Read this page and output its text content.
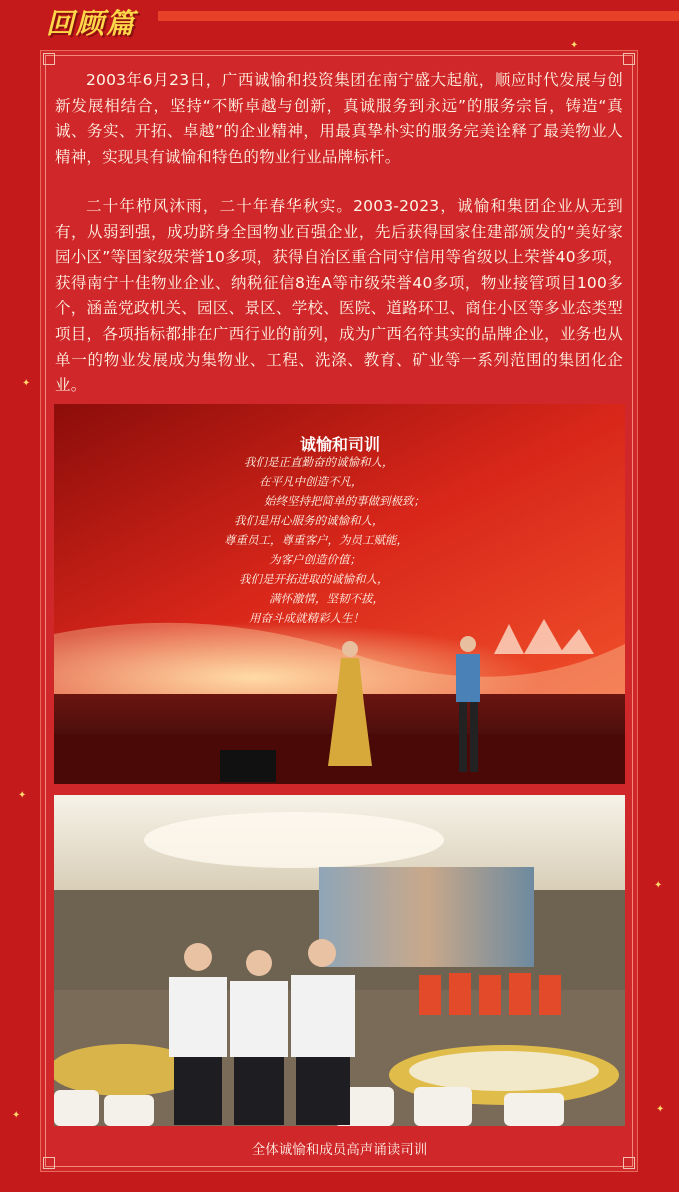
回顾篇

2003年6月23日，广西诚愉和投资集团在南宁盛大起航，顺应时代发展与创新发展相结合，坚持“不断卓越与创新，真诚服务到永远”的服务宗旨，铸造“真诚、务实、开拓、卓越”的企业精神，用最真挚朴实的服务完美诠释了最美物业人精神，实现具有诚愉和特色的物业行业品牌标杆。

二十年栉风沐雨，二十年春华秋实。2003-2023，诚愉和集团企业从无到有，从弱到强，成功跻身全国物业百强企业，先后获得国家住建部颁发的“美好家园小区”等国家级荣誉10多项，获得自治区重合同守信用等省级以上荣誉40多项，获得南宁十佳物业企业、纳税征信8连A等市级荣誉40多项，物业接管项目100多个，涵盖党政机关、园区、景区、学校、医院、道路环卫、商住小区等多业态类型项目，各项指标都排在广西行业的前列，成为广西名符其实的品牌企业，业务也从单一的物业发展成为集物业、工程、洗涤、教育、矿业等一系列范围的集团化企业。

诚愉和司训
我们是正直勤奋的诚愉和人，
在平凡中创造不凡，
始终坚持把简单的事做到极致；
我们是用心服务的诚愉和人，
尊重员工，尊重客户，为员工赋能，
为客户创造价值；
我们是开拓进取的诚愉和人，
满怀激情，坚韧不拔，
用奋斗成就精彩人生！
全体诚愉和成员高声诵读司训
✦
✦
✦
✦
✦
✦
